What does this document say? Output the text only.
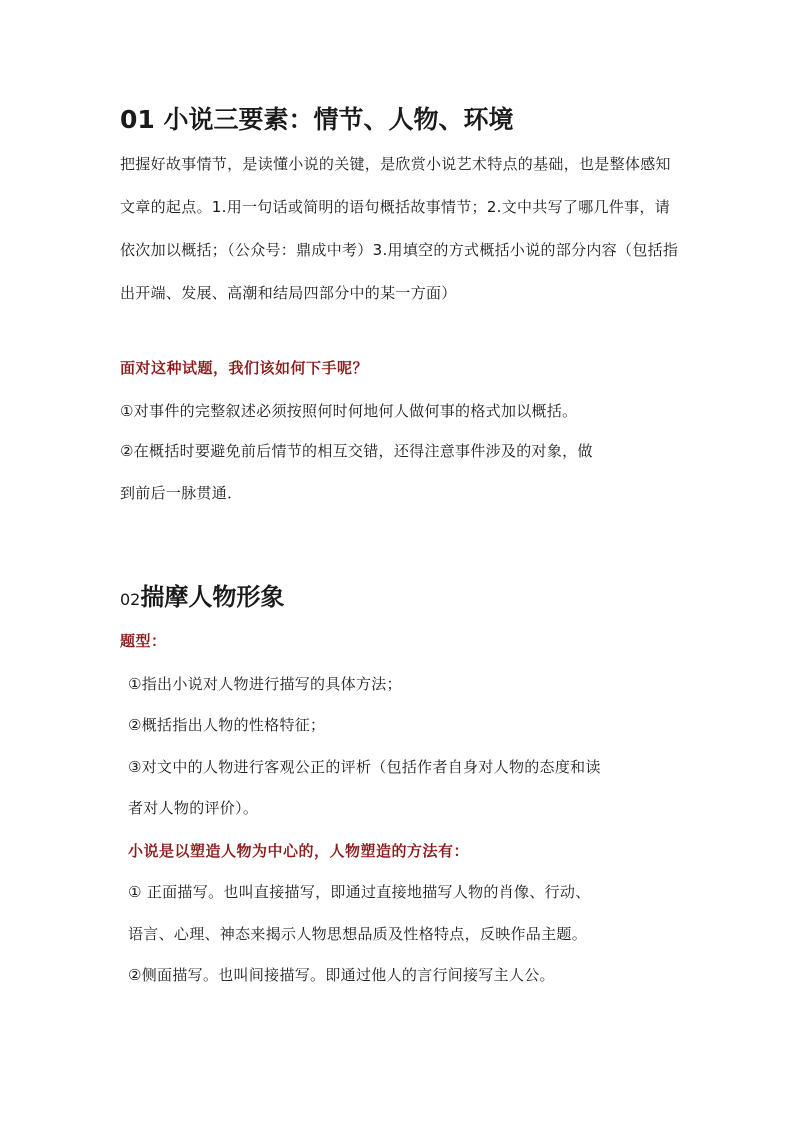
01 小说三要素：情节、人物、环境

把握好故事情节，是读懂小说的关键，是欣赏小说艺术特点的基础，也是整体感知文章的起点。1.用一句话或简明的语句概括故事情节；2.文中共写了哪几件事，请依次加以概括；（公众号：鼎成中考）3.用填空的方式概括小说的部分内容（包括指出开端、发展、高潮和结局四部分中的某一方面）

面对这种试题，我们该如何下手呢？
①对事件的完整叙述必须按照何时何地何人做何事的格式加以概括。
②在概括时要避免前后情节的相互交错，还得注意事件涉及的对象，做
到前后一脉贯通．
02揣摩人物形象
题型：
①指出小说对人物进行描写的具体方法；
②概括指出人物的性格特征；
③对文中的人物进行客观公正的评析（包括作者自身对人物的态度和读
者对人物的评价）。
小说是以塑造人物为中心的，人物塑造的方法有：
① 正面描写。也叫直接描写，即通过直接地描写人物的肖像、行动、
语言、心理、神态来揭示人物思想品质及性格特点，反映作品主题。
②侧面描写。也叫间接描写。即通过他人的言行间接写主人公。
